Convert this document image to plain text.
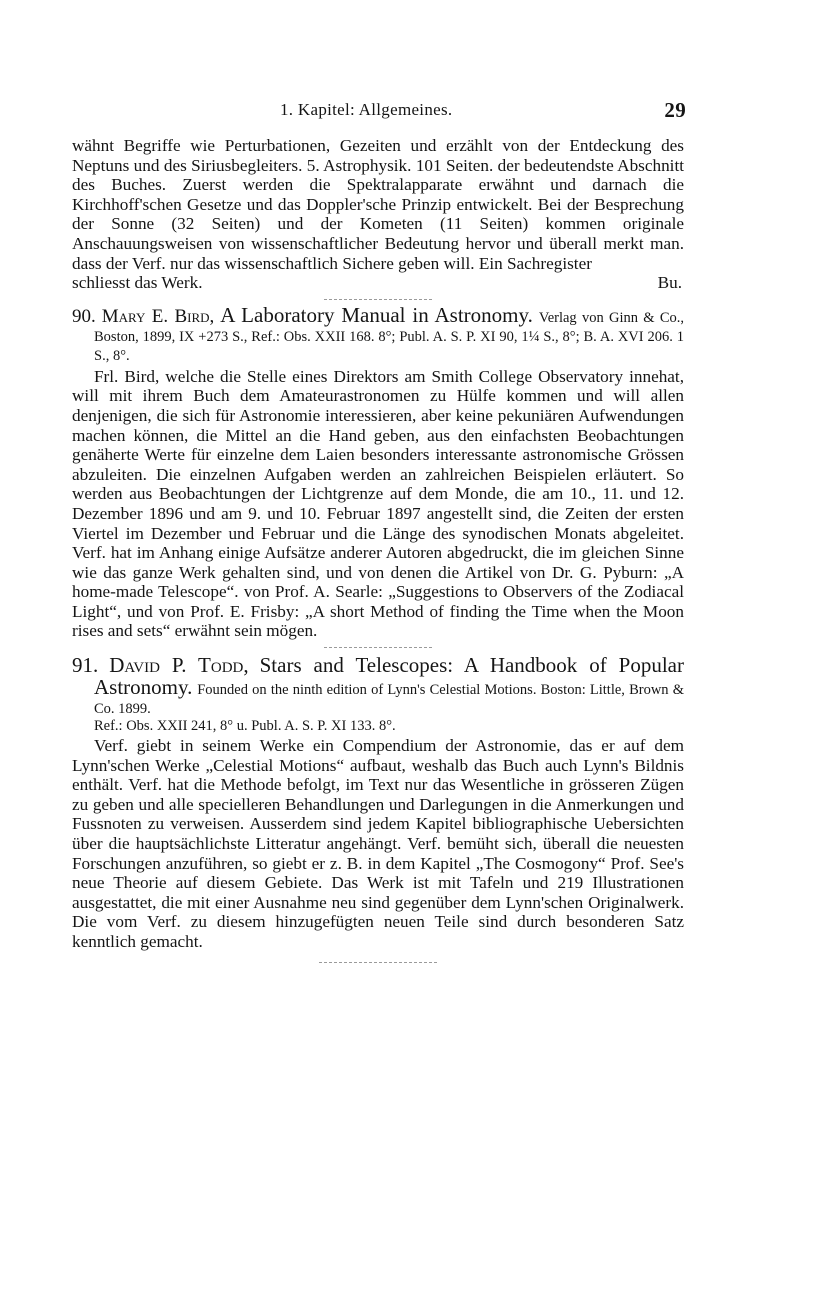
1. Kapitel: Allgemeines.	29

wähnt Begriffe wie Perturbationen, Gezeiten und erzählt von der Entdeckung des Neptuns und des Siriusbegleiters. 5. Astrophysik. 101 Seiten. der bedeutendste Abschnitt des Buches. Zuerst werden die Spektralapparate erwähnt und darnach die Kirchhoff'schen Gesetze und das Doppler'sche Prinzip entwickelt. Bei der Besprechung der Sonne (32 Seiten) und der Kometen (11 Seiten) kommen originale Anschauungsweisen von wissenschaftlicher Bedeutung hervor und überall merkt man. dass der Verf. nur das wissenschaftlich Sichere geben will. Ein Sachregister

schliesst das Werk.	Bu.
90. Mary E. Bird, A Laboratory Manual in Astronomy. Verlag von Ginn & Co., Boston, 1899, IX +273 S., Ref.: Obs. XXII 168. 8°; Publ. A. S. P. XI 90, 1¼ S., 8°; B. A. XVI 206. 1 S., 8°.

Frl. Bird, welche die Stelle eines Direktors am Smith College Observatory innehat, will mit ihrem Buch dem Amateurastronomen zu Hülfe kommen und will allen denjenigen, die sich für Astronomie interessieren, aber keine pekuniären Aufwendungen machen können, die Mittel an die Hand geben, aus den einfachsten Beobachtungen genäherte Werte für einzelne dem Laien besonders interessante astronomische Grössen abzuleiten. Die einzelnen Aufgaben werden an zahlreichen Beispielen erläutert. So werden aus Beobachtungen der Lichtgrenze auf dem Monde, die am 10., 11. und 12. Dezember 1896 und am 9. und 10. Februar 1897 angestellt sind, die Zeiten der ersten Viertel im Dezember und Februar und die Länge des synodischen Monats abgeleitet. Verf. hat im Anhang einige Aufsätze anderer Autoren abgedruckt, die im gleichen Sinne wie das ganze Werk gehalten sind, und von denen die Artikel von Dr. G. Pyburn: „A home-made Telescope“. von Prof. A. Searle: „Suggestions to Observers of the Zodiacal Light“, und von Prof. E. Frisby: „A short Method of finding the Time when the Moon rises and sets“ erwähnt sein mögen.

91. David P. Todd, Stars and Telescopes: A Handbook of Popular Astronomy. Founded on the ninth edition of Lynn's Celestial Motions. Boston: Little, Brown & Co. 1899.
Ref.: Obs. XXII 241, 8° u. Publ. A. S. P. XI 133. 8°.

Verf. giebt in seinem Werke ein Compendium der Astronomie, das er auf dem Lynn'schen Werke „Celestial Motions“ aufbaut, weshalb das Buch auch Lynn's Bildnis enthält. Verf. hat die Methode befolgt, im Text nur das Wesentliche in grösseren Zügen zu geben und alle specielleren Behandlungen und Darlegungen in die Anmerkungen und Fussnoten zu verweisen. Ausserdem sind jedem Kapitel bibliographische Uebersichten über die hauptsächlichste Litteratur angehängt. Verf. bemüht sich, überall die neuesten Forschungen anzuführen, so giebt er z. B. in dem Kapitel „The Cosmogony“ Prof. See's neue Theorie auf diesem Gebiete. Das Werk ist mit Tafeln und 219 Illustrationen ausgestattet, die mit einer Ausnahme neu sind gegenüber dem Lynn'schen Originalwerk. Die vom Verf. zu diesem hinzugefügten neuen Teile sind durch besonderen Satz kenntlich gemacht.
